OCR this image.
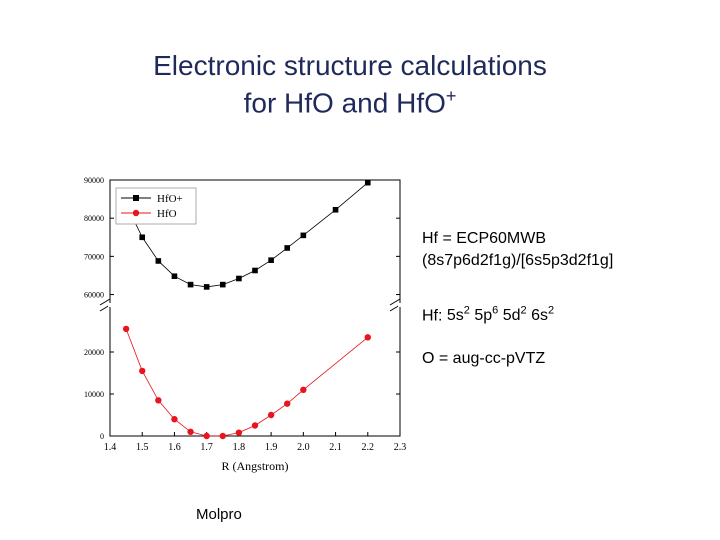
Electronic structure calculations
for HfO and HfO+
1.4 1.5 1.6 1.7 1.8 1.9 2.0 2.1 2.2 2.3
60000
70000
80000
90000
0
10000
20000
HfO+
HfO
R (Angstrom)
Hf = ECP60MWB
(8s7p6d2f1g)/[6s5p3d2f1g]
Hf: $5s^2$ $5p^6$ $5d^2$ $6s^2$
O = aug-cc-pVTZ
Molpro
